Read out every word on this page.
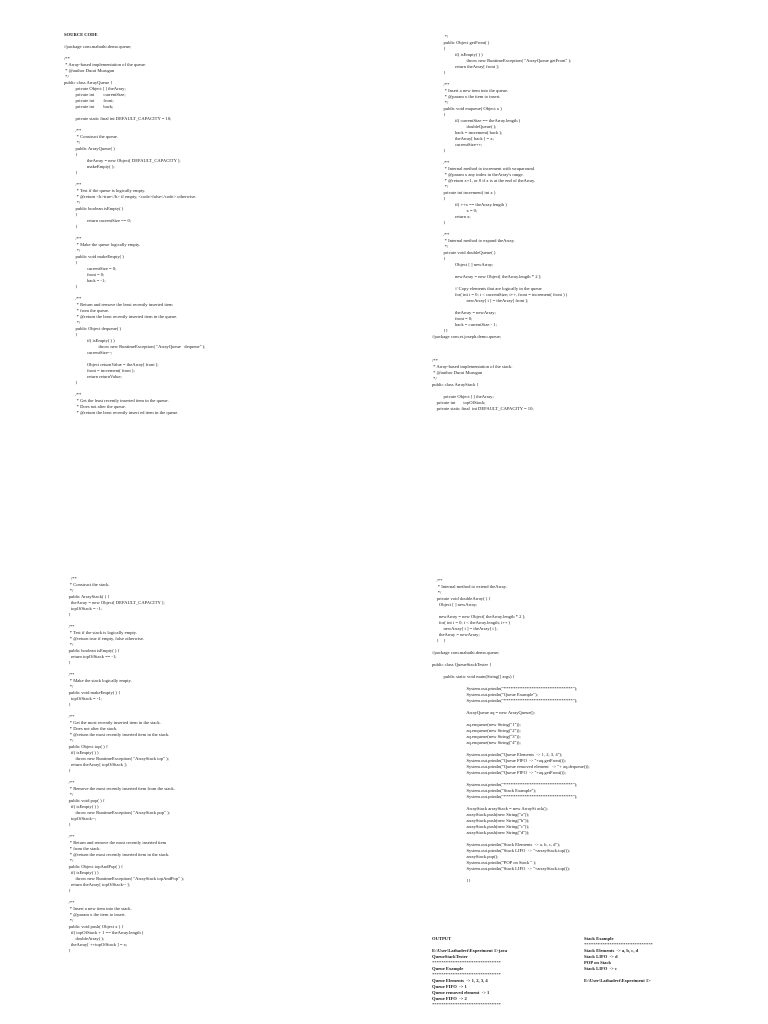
SOURCE CODE
//package com.mahathi.demo.queue;
/**
* Array-based implementation of the queue.
* @author Durai Murugan
*/
public class ArrayQueue {
private Object [ ] theArray;
private int        currentSize;
private int        front;
private int        back;
private static final int DEFAULT_CAPACITY = 10;
/**
* Construct the queue.
*/
public ArrayQueue( )
{
theArray = new Object[ DEFAULT_CAPACITY ];
makeEmpty( );
}
/**
* Test if the queue is logically empty.
* @return <b>true</b> if empty, <code>false</code> otherwise.
*/
public boolean isEmpty( )
{
return currentSize == 0;
}
/**
* Make the queue logically empty.
*/
public void makeEmpty( )
{
currentSize = 0;
front = 0;
back = -1;
}
/**
* Return and remove the least recently inserted item
* from the queue.
* @return the least recently inserted item in the queue.
*/
public Object dequeue( )
{
if( isEmpty( ) )
throw new RuntimeException( "ArrayQueue   dequeue" );
currentSize--;
Object returnValue = theArray[ front ];
front = increment( front );
return returnValue;
}
/**
* Get the least recently inserted item in the queue.
* Does not alter the queue.
* @return the least recently insert ed item in the queue.
*/
public Object getFront( )
{
if( isEmpty( ) )
throw new RuntimeException( "ArrayQueue getFront" );
return theArray[ front ];
}
/**
* Insert a new item into the queue.
* @param x the item to insert.
*/
public void enqueue( Object x )
{
if( currentSize == theArray.length )
doubleQueue( );
back = increment( back );
theArray[ back ] = x;
currentSize++;
}
/**
* Internal method to increment with wraparound.
* @param x any index in theArray's range.
* @return x+1, or 0 if x is at the end of theArray.
*/
private int increment( int x )
{
if( ++x == theArray.length )
x = 0;
return x;
}
/**
* Internal method to expand theArray.
*/
private void doubleQueue( )
{
Object [ ] newArray;
newArray = new Object[ theArray.length * 2 ];
// Copy elements that are logically in the queue
for( int i = 0; i < currentSize; i++, front = increment( front ) )
newArray[ i ] = theArray[ front ];
theArray = newArray;
front = 0;
back = currentSize - 1;
}}
//package com.et.joseph.demo.queue;
/**
* Array-based implementation of the stack.
* @author Durai Murugan
*/
public class ArrayStack {
private Object [ ] theArray;
private int       topOfStack;
private static final  int DEFAULT_CAPACITY = 10;
/**
* Construct the stack.
*/
public ArrayStack( ) {
theArray = new Object[ DEFAULT_CAPACITY ];
topOfStack = -1;
}
/**
* Test if the stack is logically empty.
* @return true if empty, false otherwise.
*/
public boolean isEmpty( ) {
return topOfStack == -1;
}
/**
* Make the stack logically empty.
*/
public void makeEmpty( ) {
topOfStack = -1;
}
/**
* Get the most recently inserted item in the stack.
* Does not alter the stack.
* @return the most recently inserted item in the stack.
*/
public Object top( ) {
if( isEmpty( ) )
throw new RuntimeException( "ArrayStack top" );
return theArray[ topOfStack ];
}
/**
* Remove the most recently inserted item from the stack.
*/
public void pop( ) {
if( isEmpty( ) )
throw new RuntimeException( "ArrayStack pop" );
topOfStack--;
}
/**
* Return and remove the most recently inserted item
* from the stack.
* @return the most recently inserted item in the stack.
*/
public Object topAndPop( ) {
if( isEmpty( ) )
throw new RuntimeException( "ArrayStack topAndPop" );
return theArray[ topOfStack-- ];
}
/**
* Insert a new item into the stack.
* @param x the item to insert.
*/
public void push( Object x ) {
if( topOfStack + 1 == theArray.length )
doubleArray( );
theArray[ ++topOfStack ] = x;
}
/**
* Internal method to extend theArray.
*/
private void doubleArray( ) {
Object [ ] newArray;
newArray = new Object[ theArray.length * 2 ];
for( int i = 0; i < theArray.length; i++ )
newArray[ i ] = theArray[ i ];
theArray = newArray;
}    }
//package com.mahathi.demo.queue;
public class QueueStackTester {
public static void main(String[] args) {
System.out.println("******************************");
System.out.println("Queue Example");
System.out.println("******************************");
ArrayQueue aq = new ArrayQueue();
aq.enqueue(new String("1"));
aq.enqueue(new String("2"));
aq.enqueue(new String("3"));
aq.enqueue(new String("4"));
System.out.println("Queue Elements  -> 1, 2, 3, 4");
System.out.println("Queue FIFO  -> "+aq.getFront());
System.out.println("Queue removed element   -> "+ aq.dequeue());
System.out.println("Queue FIFO  -> "+aq.getFront());
System.out.println("******************************");
System.out.println("Stack Example");
System.out.println("******************************");
ArrayStack arrayStack = new ArraySt ack();
arrayStack.push(new String("a"));
arrayStack.push(new String("b"));
arrayStack.push(new String("c"));
arrayStack.push(new String("d"));
System.out.println("Stack Elements  -> a, b, c, d");
System.out.println("Stack LIFO  -> "+arrayStack.top());
arrayStack.pop();
System.out.println("POP on Stack " );
System.out.println("Stack LIFO  -> "+arrayStack.top());
}}
OUTPUT
E:\User\Lathadevi\Experiment 1>java
QueueStackTester
******************************
Queue Example
******************************
Queue Elements  -> 1, 2, 3, 4
Queue FIFO  -> 1
Queue removed element  -> 1
Queue FIFO  -> 2
******************************
Stack Example
******************************
Stack Elements  -> a, b, c, d
Stack LIFO  -> d
POP on Stack
Stack LIFO  -> c
E:\User\Lathadevi\Experiment 1>
